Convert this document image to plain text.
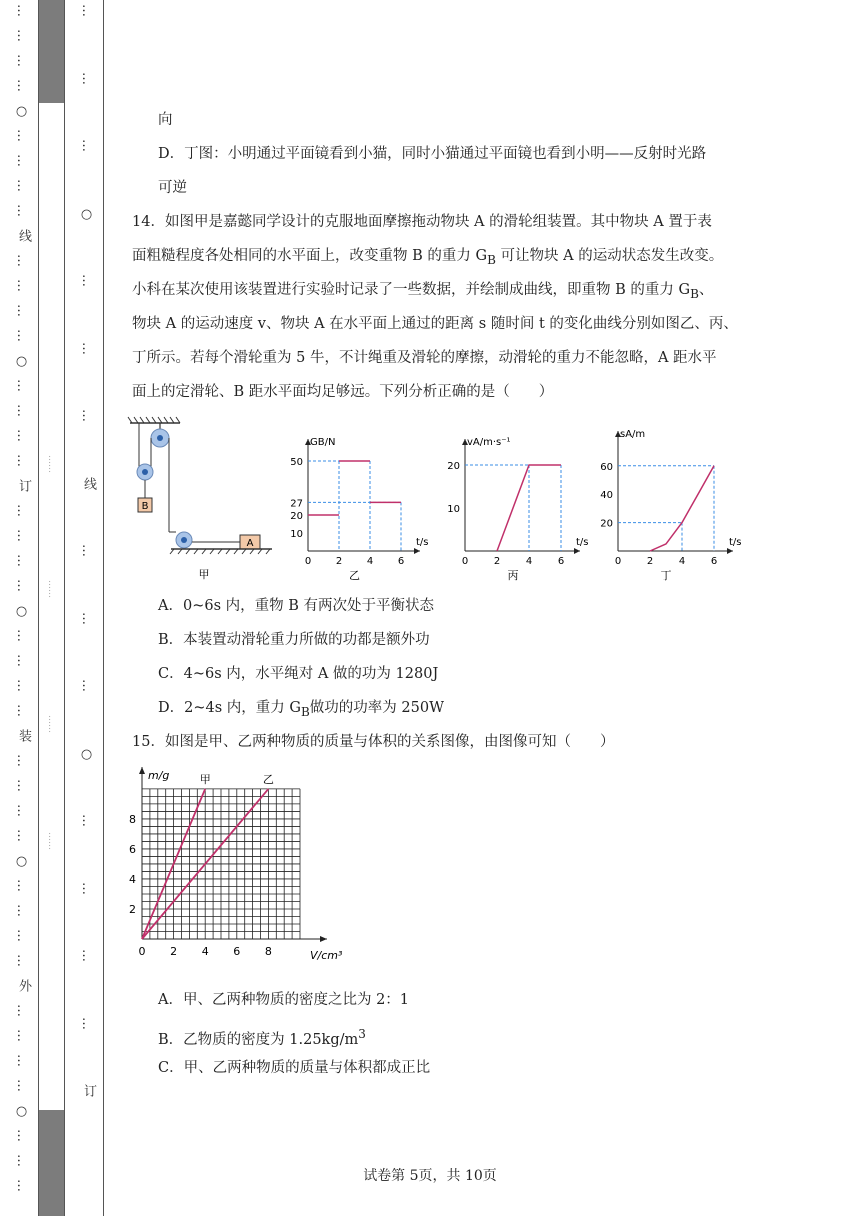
…
…
…
…
○
…
…
…
…
线
…
…
…
…
○
…
…
…
…
订
…
…
…
…
○
…
…
…
…
装
…
…
…
…
○
…
…
…
…
外
…
…
…
…
○
…
…
…
…
…
…
○
…
…
…
线
…
…
…
○
…
…
…
…
订
……
……
……
……
向
D．丁图：小明通过平面镜看到小猫，同时小猫通过平面镜也看到小明——反射时光路
可逆
14．如图甲是嘉懿同学设计的克服地面摩擦拖动物块 A 的滑轮组装置。其中物块 A 置于表
面粗糙程度各处相同的水平面上，改变重物 B 的重力 $G_B$ 可让物块 A 的运动状态发生改变。
小科在某次使用该装置进行实验时记录了一些数据，并绘制成曲线，即重物 B 的重力 $G_B$、
物块 A 的运动速度 v、物块 A 在水平面上通过的距离 s 随时间 t 的变化曲线分别如图乙、丙、
丁所示。若每个滑轮重为 5 牛，不计绳重及滑轮的摩擦，动滑轮的重力不能忽略，A 距水平
面上的定滑轮、B 距水平面均足够远。下列分析正确的是（　　）
A．0~6s 内，重物 B 有两次处于平衡状态
B．本装置动滑轮重力所做的功都是额外功
C．4~6s 内，水平绳对 A 做的功为 1280J
D．2~4s 内，重力 $G_B$做功的功率为 250W
15．如图是甲、乙两种物质的质量与体积的关系图像，由图像可知（　　）
A．甲、乙两种物质的密度之比为 2：1
B．乙物质的密度为 $1.25kg/m^3$
C．甲、乙两种物质的质量与体积都成正比
B
A
甲
GB/N
t/s
0 2 4 6
10
20
27
50
乙
vA/m·s⁻¹
t/s
0	2	4	6
10
20
丙
sA/m
t/s
0	2	4	6
20
40
60
丁
m/g
V/cm³
0 2 4 6 8
2
4
6
8
甲	乙
试卷第 5页，共 10页
